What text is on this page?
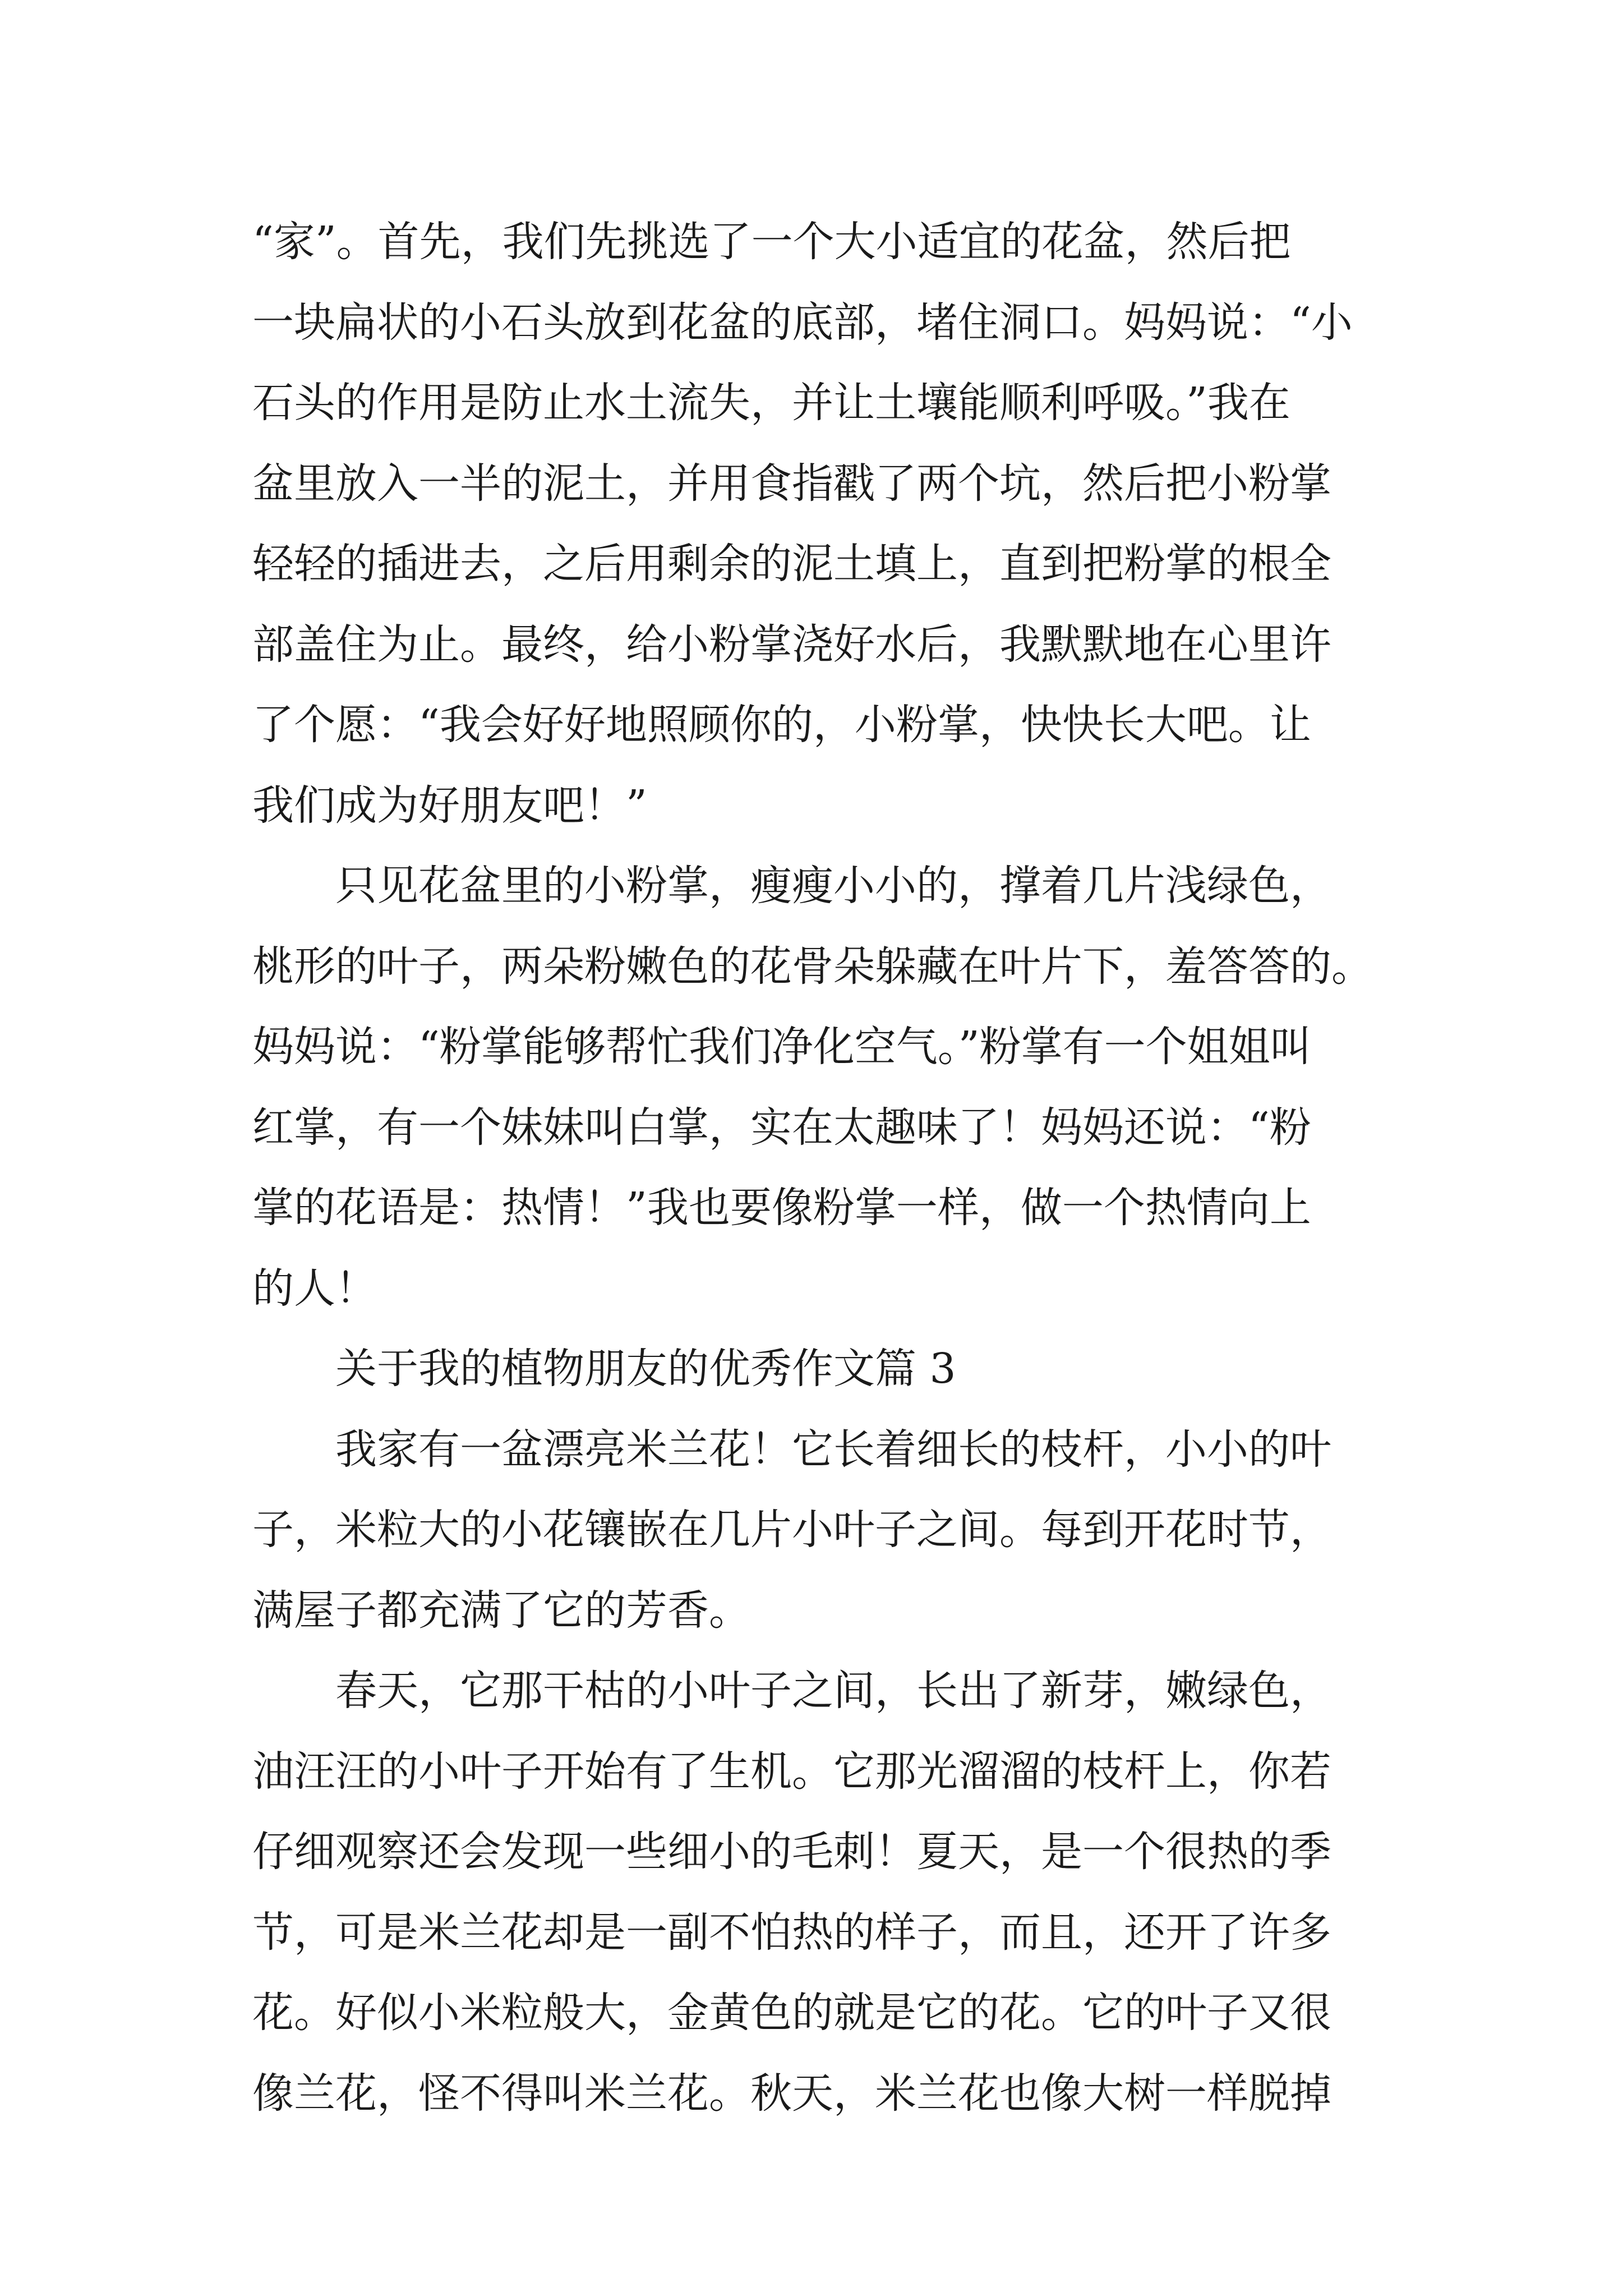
“家”。首先，我们先挑选了一个大小适宜的花盆，然后把
一块扁状的小石头放到花盆的底部，堵住洞口。妈妈说：“小
石头的作用是防止水土流失，并让土壤能顺利呼吸。”我在
盆里放入一半的泥土，并用食指戳了两个坑，然后把小粉掌
轻轻的插进去，之后用剩余的泥土填上，直到把粉掌的根全
部盖住为止。最终，给小粉掌浇好水后，我默默地在心里许
了个愿：“我会好好地照顾你的，小粉掌，快快长大吧。让
我们成为好朋友吧！”
只见花盆里的小粉掌，瘦瘦小小的，撑着几片浅绿色，
桃形的叶子，两朵粉嫩色的花骨朵躲藏在叶片下，羞答答的。
妈妈说：“粉掌能够帮忙我们净化空气。”粉掌有一个姐姐叫
红掌，有一个妹妹叫白掌，实在太趣味了！妈妈还说：“粉
掌的花语是：热情！”我也要像粉掌一样，做一个热情向上
的人！
关于我的植物朋友的优秀作文篇 3
我家有一盆漂亮米兰花！它长着细长的枝杆，小小的叶
子，米粒大的小花镶嵌在几片小叶子之间。每到开花时节，
满屋子都充满了它的芳香。
春天，它那干枯的小叶子之间，长出了新芽，嫩绿色，
油汪汪的小叶子开始有了生机。它那光溜溜的枝杆上，你若
仔细观察还会发现一些细小的毛刺！夏天，是一个很热的季
节，可是米兰花却是一副不怕热的样子，而且，还开了许多
花。好似小米粒般大，金黄色的就是它的花。它的叶子又很
像兰花，怪不得叫米兰花。秋天，米兰花也像大树一样脱掉
